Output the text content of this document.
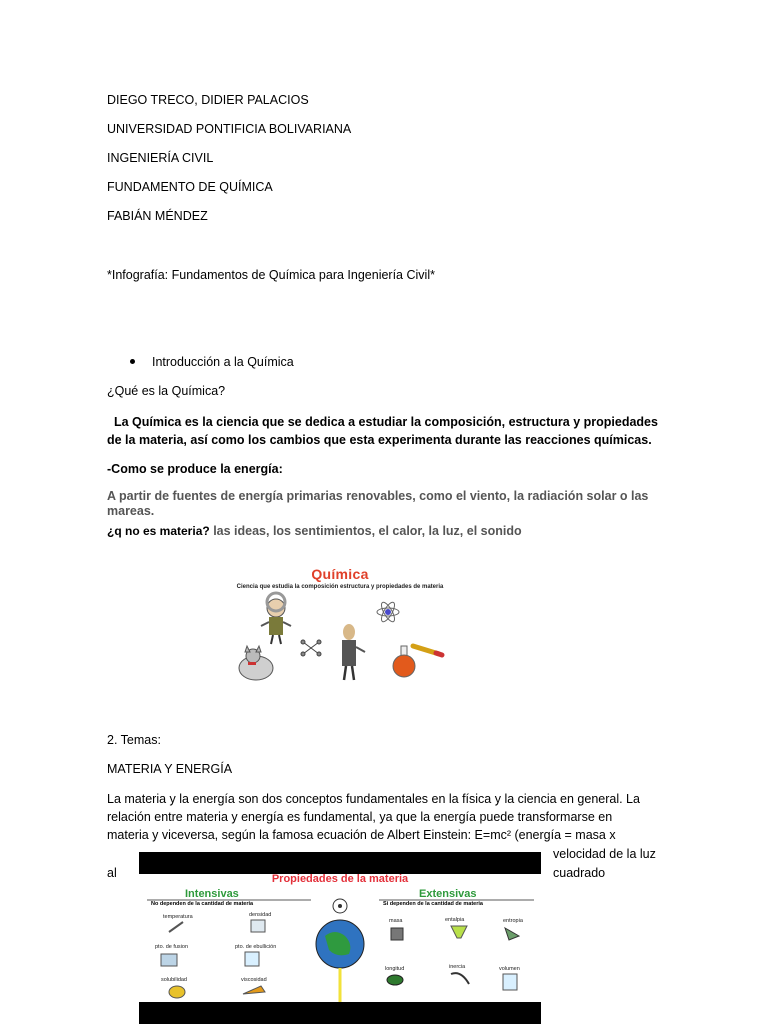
DIEGO TRECO, DIDIER PALACIOS
UNIVERSIDAD PONTIFICIA BOLIVARIANA
INGENIERÍA CIVIL
FUNDAMENTO DE QUÍMICA
FABIÁN MÉNDEZ
*Infografía: Fundamentos de Química para Ingeniería Civil*
Introducción a la Química
¿Qué es la Química?
La Química es la ciencia que se dedica a estudiar la composición, estructura y propiedades de la materia, así como los cambios que esta experimenta durante las reacciones químicas.
-Como se produce la energía:
A partir de fuentes de energía primarias renovables, como el viento, la radiación solar o las mareas.
¿q no es materia? las ideas, los sentimientos, el calor, la luz, el sonido
Química
Ciencia que estudia la composición estructura y propiedades de materia
2. Temas:
MATERIA Y ENERGÍA
La materia y la energía son dos conceptos fundamentales en la física y la ciencia en general. La relación entre materia y energía es fundamental, ya que la energía puede transformarse en materia y viceversa, según la famosa ecuación de Albert Einstein: E=mc² (energía = masa x
velocidad de la luz
al	cuadrado
Propiedades de la materia
Intensivas
No dependen de la cantidad de materia
Extensivas
Si dependen de la cantidad de materia
temperatura	densidad
pto. de fusion	pto. de ebullición
solubilidad	viscosidad
masa	entalpia	entropia
longitud	inercia	volumen
